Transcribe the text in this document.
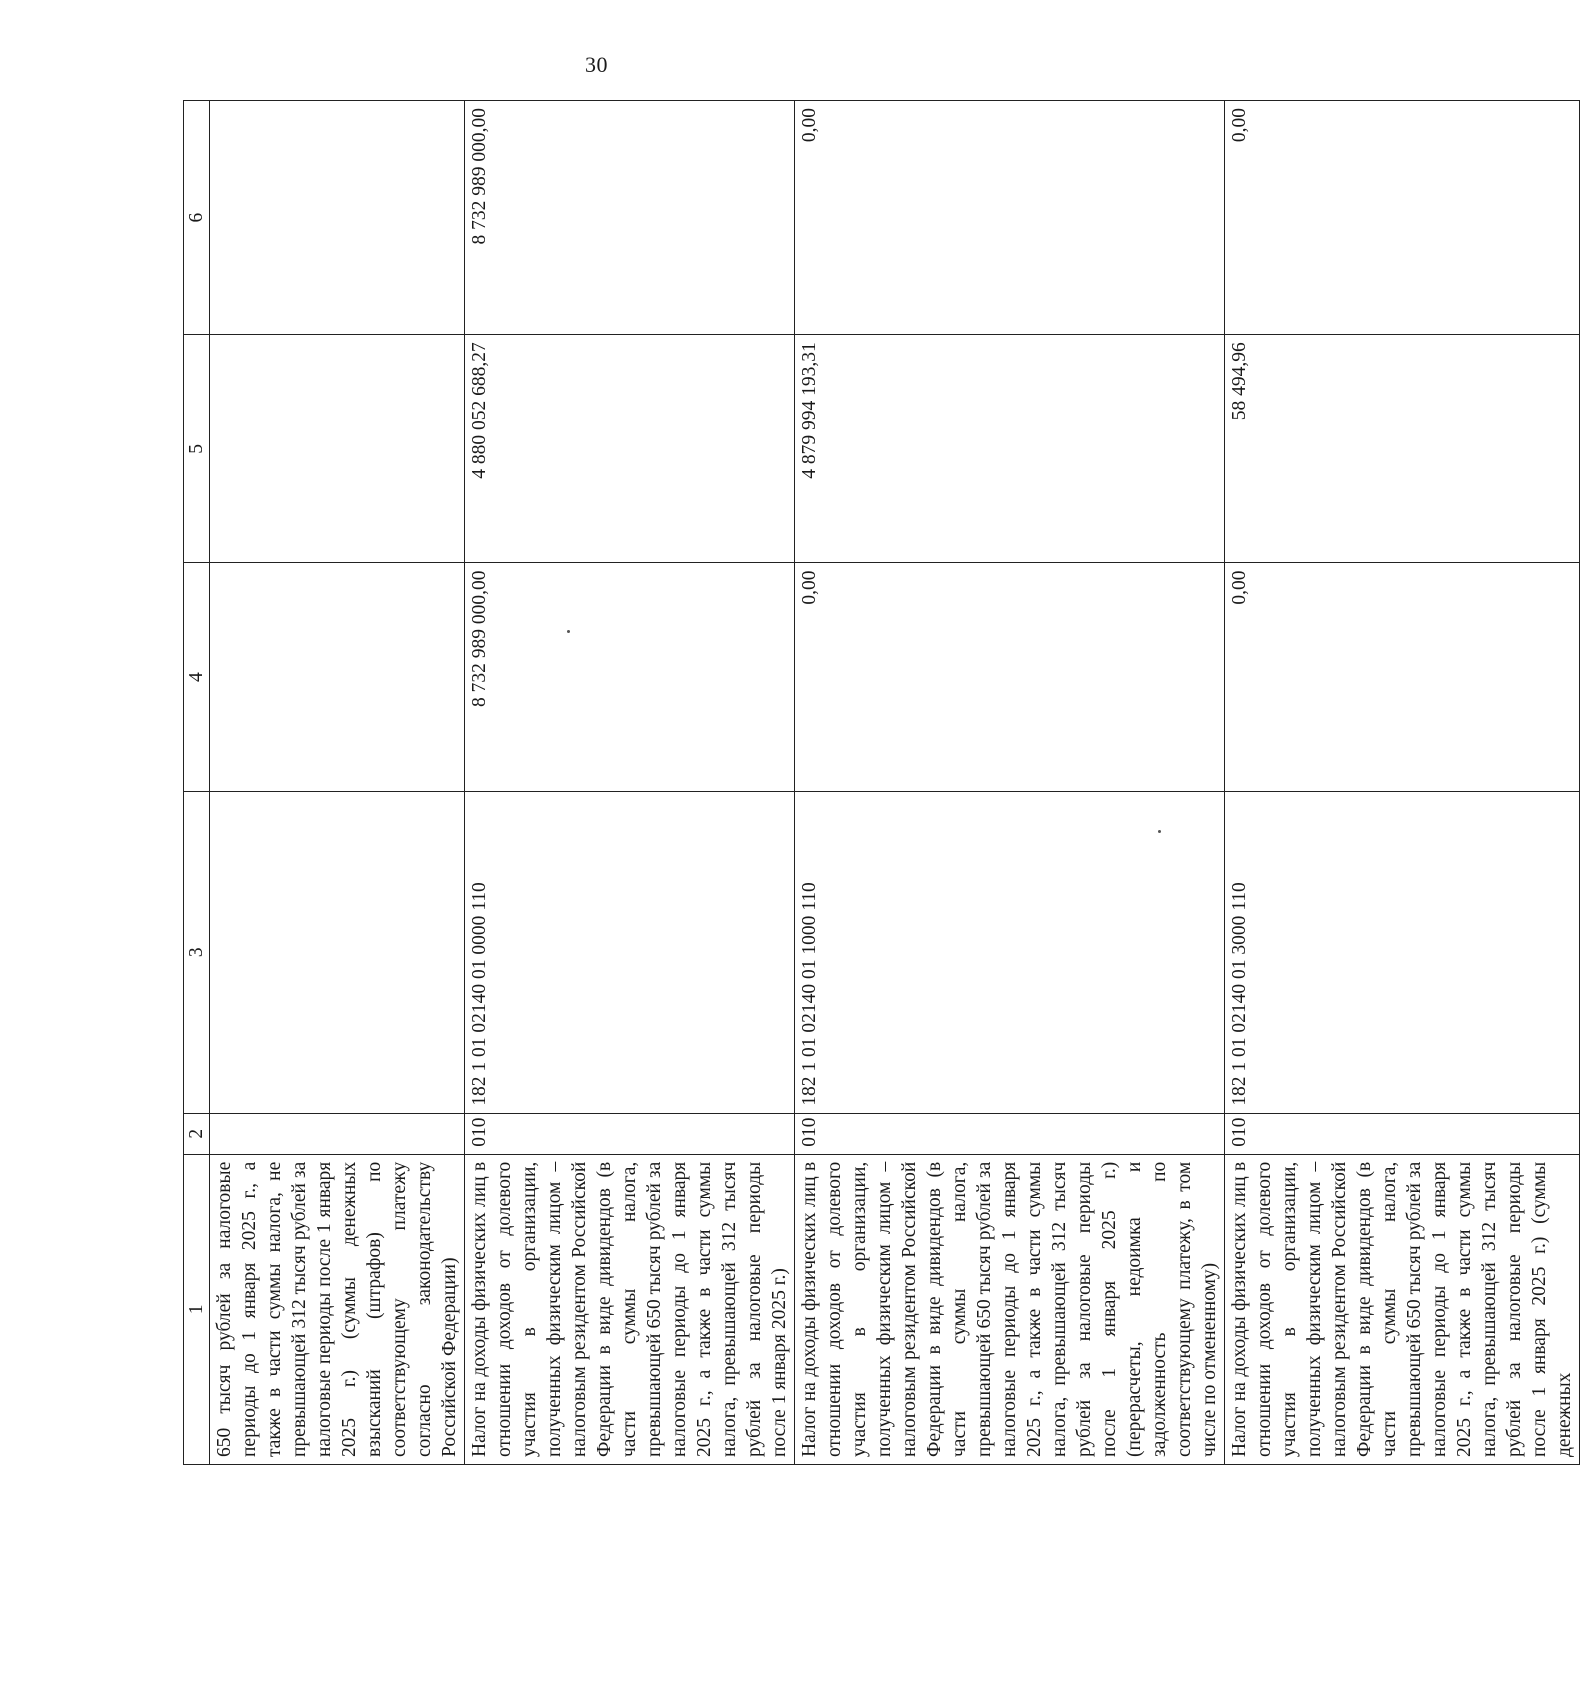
30
1	2	3	4	5	6
650 тысяч рублей за налоговые периоды до 1 января 2025 г., а также в части суммы налога, не превышающей 312 тысяч рублей за налоговые периоды после 1 января 2025 г.) (суммы денежных взысканий (штрафов) по соответствующему платежу согласно законодательству Российской Федерации)					
Налог на доходы физических лиц в отношении доходов от долевого участия в организации, полученных физическим лицом – налоговым резидентом Российской Федерации в виде дивидендов (в части суммы налога, превышающей 650 тысяч рублей за налоговые периоды до 1 января 2025 г., а также в части суммы налога, превышающей 312 тысяч рублей за налоговые периоды после 1 января 2025 г.)	010	182 1 01 02140 01 0000 110	8 732 989 000,00	4 880 052 688,27	8 732 989 000,00
Налог на доходы физических лиц в отношении доходов от долевого участия в организации, полученных физическим лицом – налоговым резидентом Российской Федерации в виде дивидендов (в части суммы налога, превышающей 650 тысяч рублей за налоговые периоды до 1 января 2025 г., а также в части суммы налога, превышающей 312 тысяч рублей за налоговые периоды после 1 января 2025 г.) (перерасчеты, недоимка и задолженность по соответствующему платежу, в том числе по отмененному)	010	182 1 01 02140 01 1000 110	0,00	4 879 994 193,31	0,00
Налог на доходы физических лиц в отношении доходов от долевого участия в организации, полученных физическим лицом – налоговым резидентом Российской Федерации в виде дивидендов (в части суммы налога, превышающей 650 тысяч рублей за налоговые периоды до 1 января 2025 г., а также в части суммы налога, превышающей 312 тысяч рублей за налоговые периоды после 1 января 2025 г.) (суммы денежных	010	182 1 01 02140 01 3000 110	0,00	58 494,96	0,00
